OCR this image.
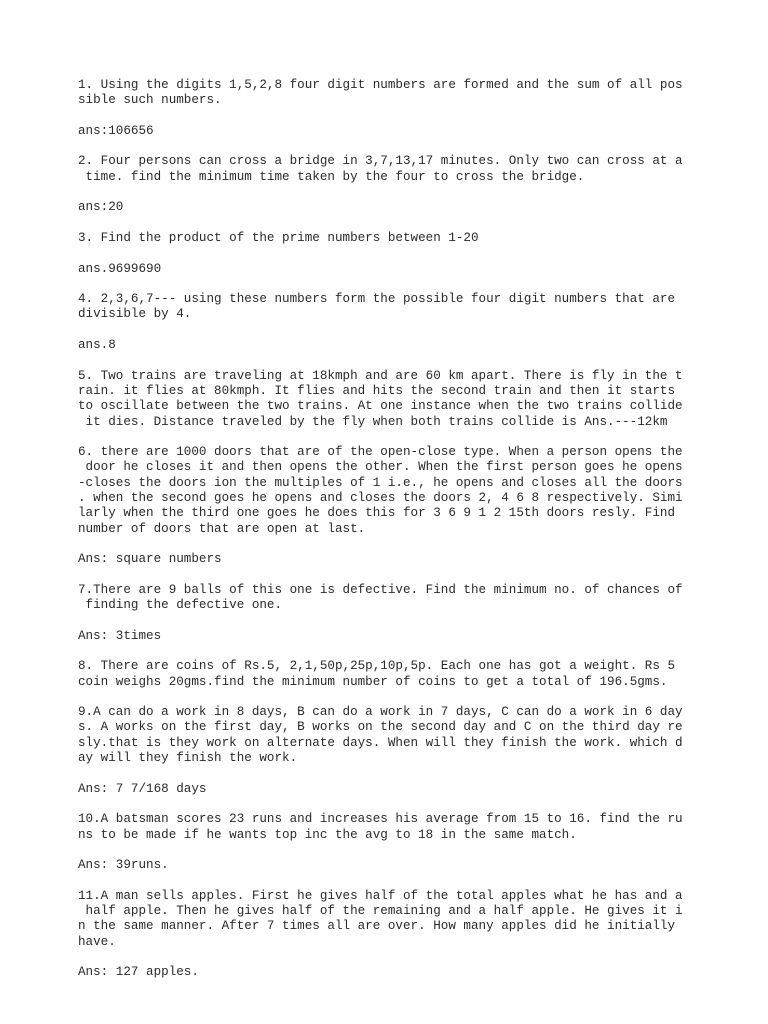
1. Using the digits 1,5,2,8 four digit numbers are formed and the sum of all pos
sible such numbers.
ans:106656
2. Four persons can cross a bridge in 3,7,13,17 minutes. Only two can cross at a
time. find the minimum time taken by the four to cross the bridge.
ans:20
3. Find the product of the prime numbers between 1-20
ans.9699690
4. 2,3,6,7--- using these numbers form the possible four digit numbers that are
divisible by 4.
ans.8
5. Two trains are traveling at 18kmph and are 60 km apart. There is fly in the t
rain. it flies at 80kmph. It flies and hits the second train and then it starts
to oscillate between the two trains. At one instance when the two trains collide
it dies. Distance traveled by the fly when both trains collide is Ans.---12km
6. there are 1000 doors that are of the open-close type. When a person opens the
door he closes it and then opens the other. When the first person goes he opens
-closes the doors ion the multiples of 1 i.e., he opens and closes all the doors
. when the second goes he opens and closes the doors 2, 4 6 8 respectively. Simi
larly when the third one goes he does this for 3 6 9 1 2 15th doors resly. Find
number of doors that are open at last.
Ans: square numbers
7.There are 9 balls of this one is defective. Find the minimum no. of chances of
finding the defective one.
Ans: 3times
8. There are coins of Rs.5, 2,1,50p,25p,10p,5p. Each one has got a weight. Rs 5
coin weighs 20gms.find the minimum number of coins to get a total of 196.5gms.
9.A can do a work in 8 days, B can do a work in 7 days, C can do a work in 6 day
s. A works on the first day, B works on the second day and C on the third day re
sly.that is they work on alternate days. When will they finish the work. which d
ay will they finish the work.
Ans: 7 7/168 days
10.A batsman scores 23 runs and increases his average from 15 to 16. find the ru
ns to be made if he wants top inc the avg to 18 in the same match.
Ans: 39runs.
11.A man sells apples. First he gives half of the total apples what he has and a
half apple. Then he gives half of the remaining and a half apple. He gives it i
n the same manner. After 7 times all are over. How many apples did he initially
have.
Ans: 127 apples.
